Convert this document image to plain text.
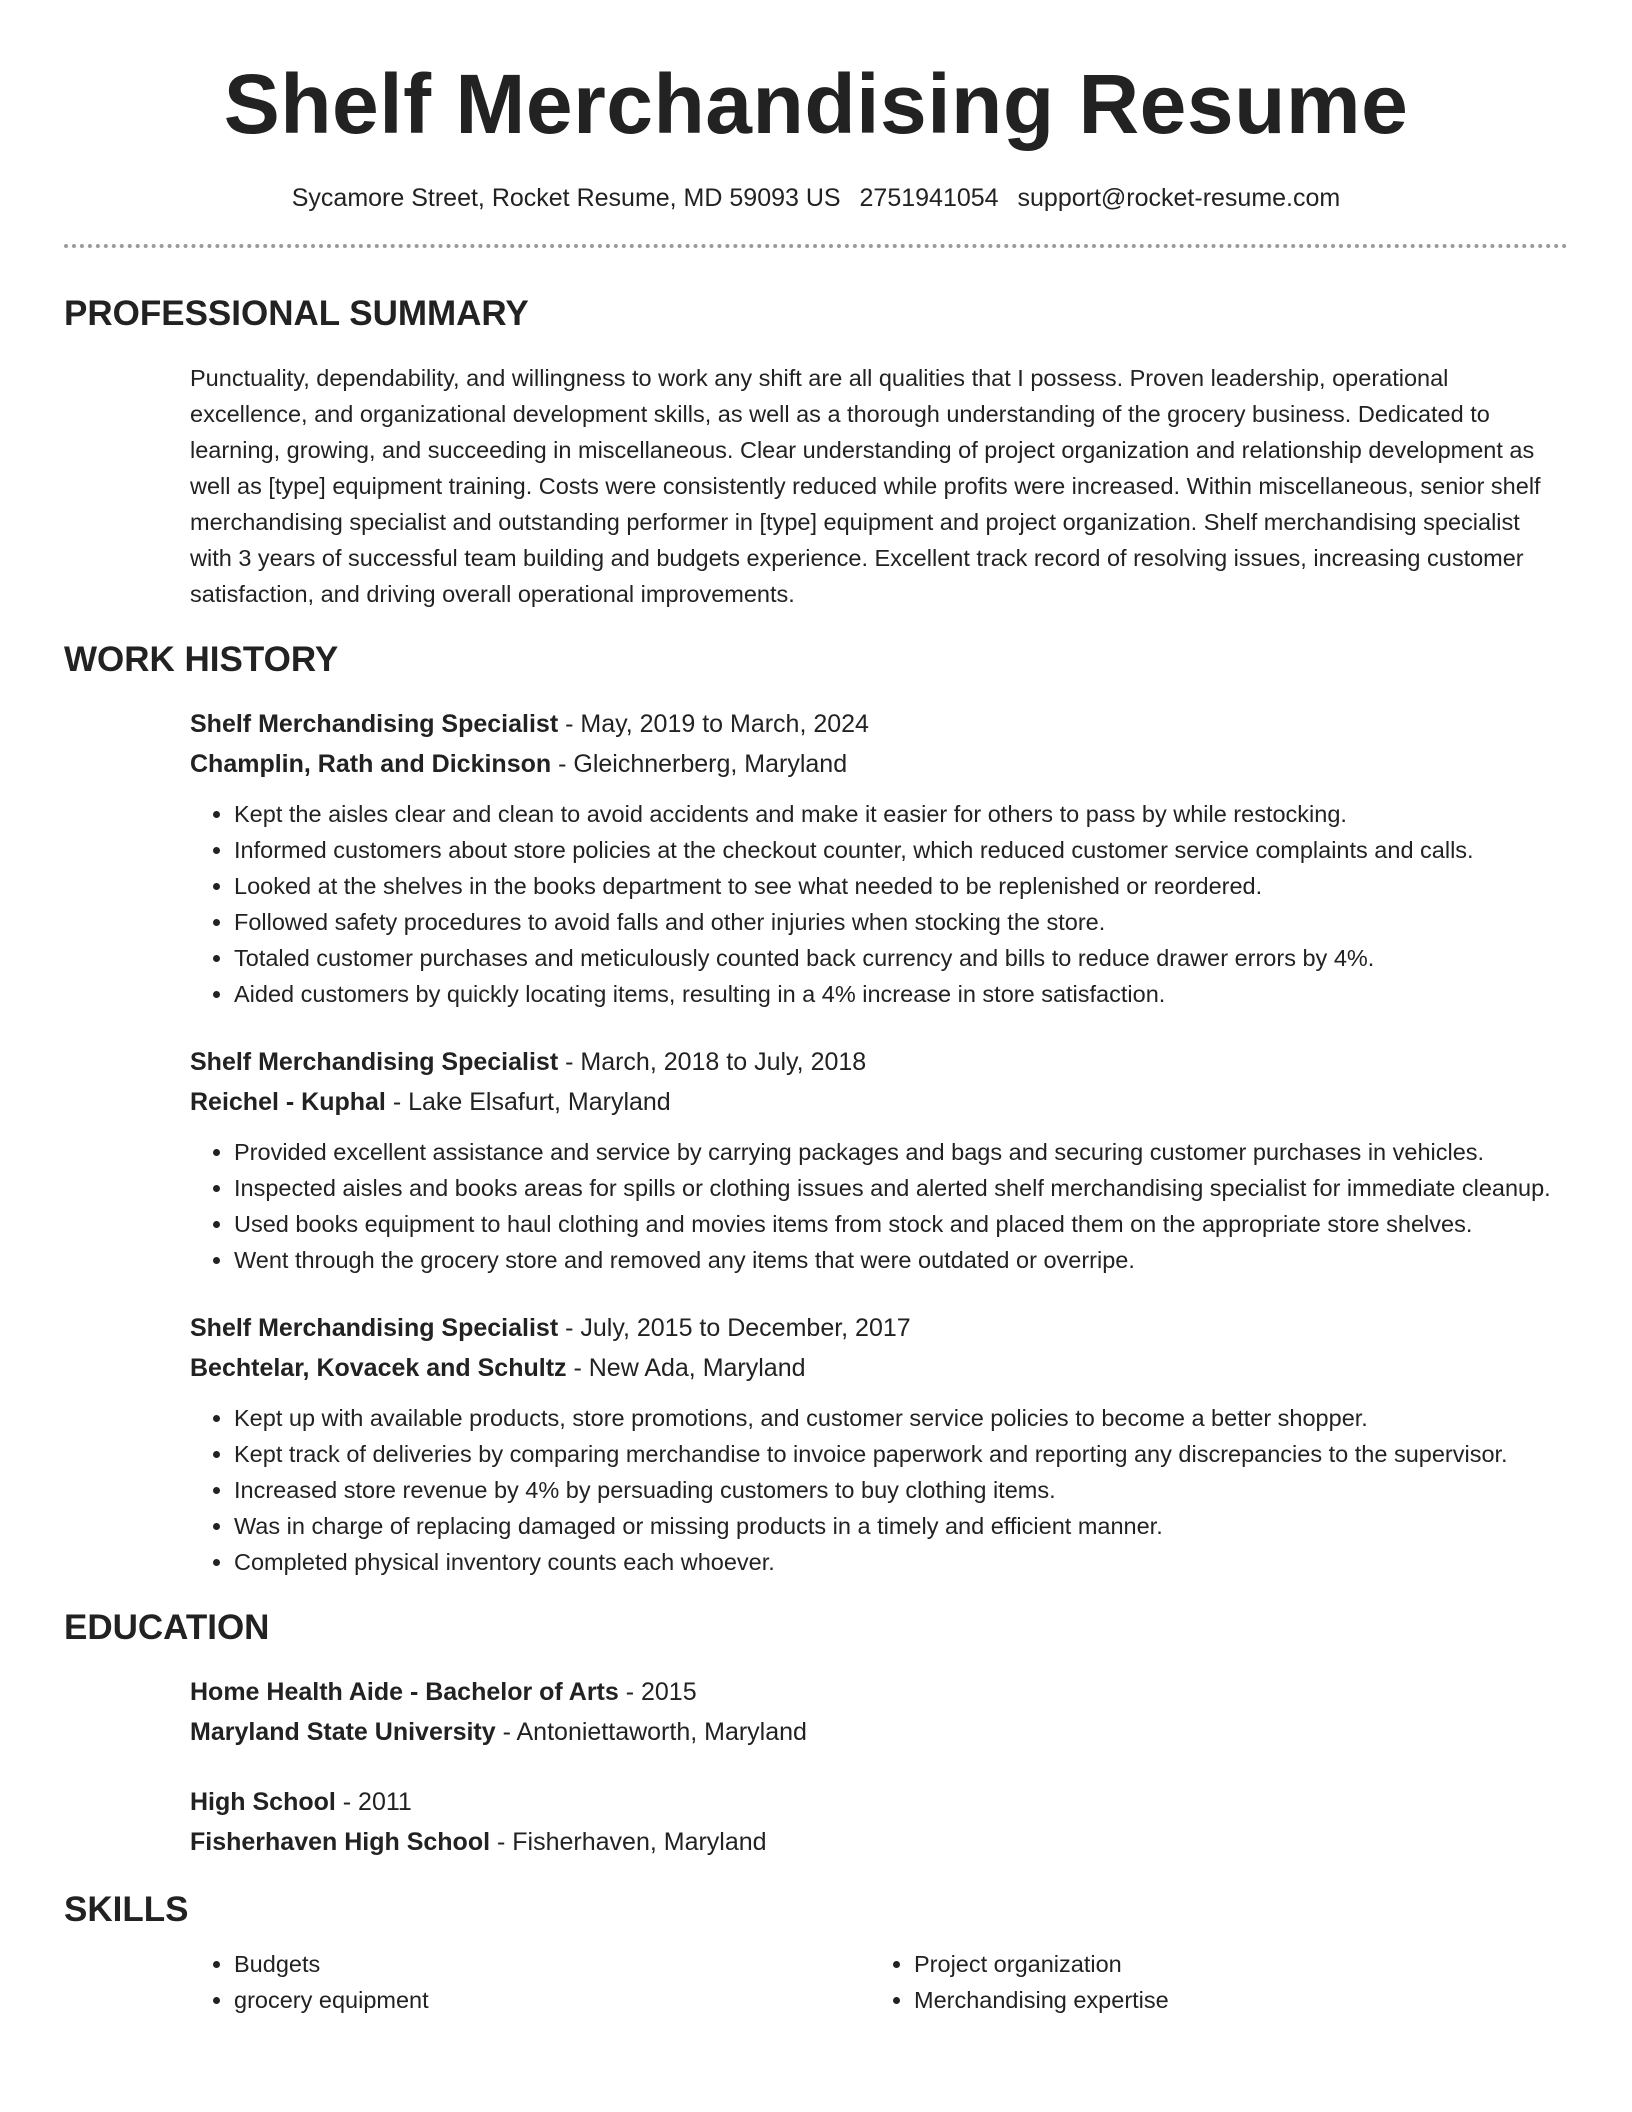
Shelf Merchandising Resume
Sycamore Street, Rocket Resume, MD 59093 US 2751941054 support@rocket-resume.com
PROFESSIONAL SUMMARY

Punctuality, dependability, and willingness to work any shift are all qualities that I possess. Proven leadership, operational excellence, and organizational development skills, as well as a thorough understanding of the grocery business. Dedicated to learning, growing, and succeeding in miscellaneous. Clear understanding of project organization and relationship development as well as [type] equipment training. Costs were consistently reduced while profits were increased. Within miscellaneous, senior shelf merchandising specialist and outstanding performer in [type] equipment and project organization. Shelf merchandising specialist with 3 years of successful team building and budgets experience. Excellent track record of resolving issues, increasing customer satisfaction, and driving overall operational improvements.

WORK HISTORY

Shelf Merchandising Specialist - May, 2019 to March, 2024

Champlin, Rath and Dickinson - Gleichnerberg, Maryland

• Kept the aisles clear and clean to avoid accidents and make it easier for others to pass by while restocking.
• Informed customers about store policies at the checkout counter, which reduced customer service complaints and calls.
• Looked at the shelves in the books department to see what needed to be replenished or reordered.
• Followed safety procedures to avoid falls and other injuries when stocking the store.
• Totaled customer purchases and meticulously counted back currency and bills to reduce drawer errors by 4%.
• Aided customers by quickly locating items, resulting in a 4% increase in store satisfaction.

Shelf Merchandising Specialist - March, 2018 to July, 2018

Reichel - Kuphal - Lake Elsafurt, Maryland

• Provided excellent assistance and service by carrying packages and bags and securing customer purchases in vehicles.
• Inspected aisles and books areas for spills or clothing issues and alerted shelf merchandising specialist for immediate cleanup.
• Used books equipment to haul clothing and movies items from stock and placed them on the appropriate store shelves.
• Went through the grocery store and removed any items that were outdated or overripe.

Shelf Merchandising Specialist - July, 2015 to December, 2017

Bechtelar, Kovacek and Schultz - New Ada, Maryland

• Kept up with available products, store promotions, and customer service policies to become a better shopper.
• Kept track of deliveries by comparing merchandise to invoice paperwork and reporting any discrepancies to the supervisor.
• Increased store revenue by 4% by persuading customers to buy clothing items.
• Was in charge of replacing damaged or missing products in a timely and efficient manner.
• Completed physical inventory counts each whoever.
EDUCATION

Home Health Aide - Bachelor of Arts - 2015

Maryland State University - Antoniettaworth, Maryland

High School - 2011

Fisherhaven High School - Fisherhaven, Maryland

SKILLS
• Budgets
• grocery equipment
• Project organization
• Merchandising expertise
